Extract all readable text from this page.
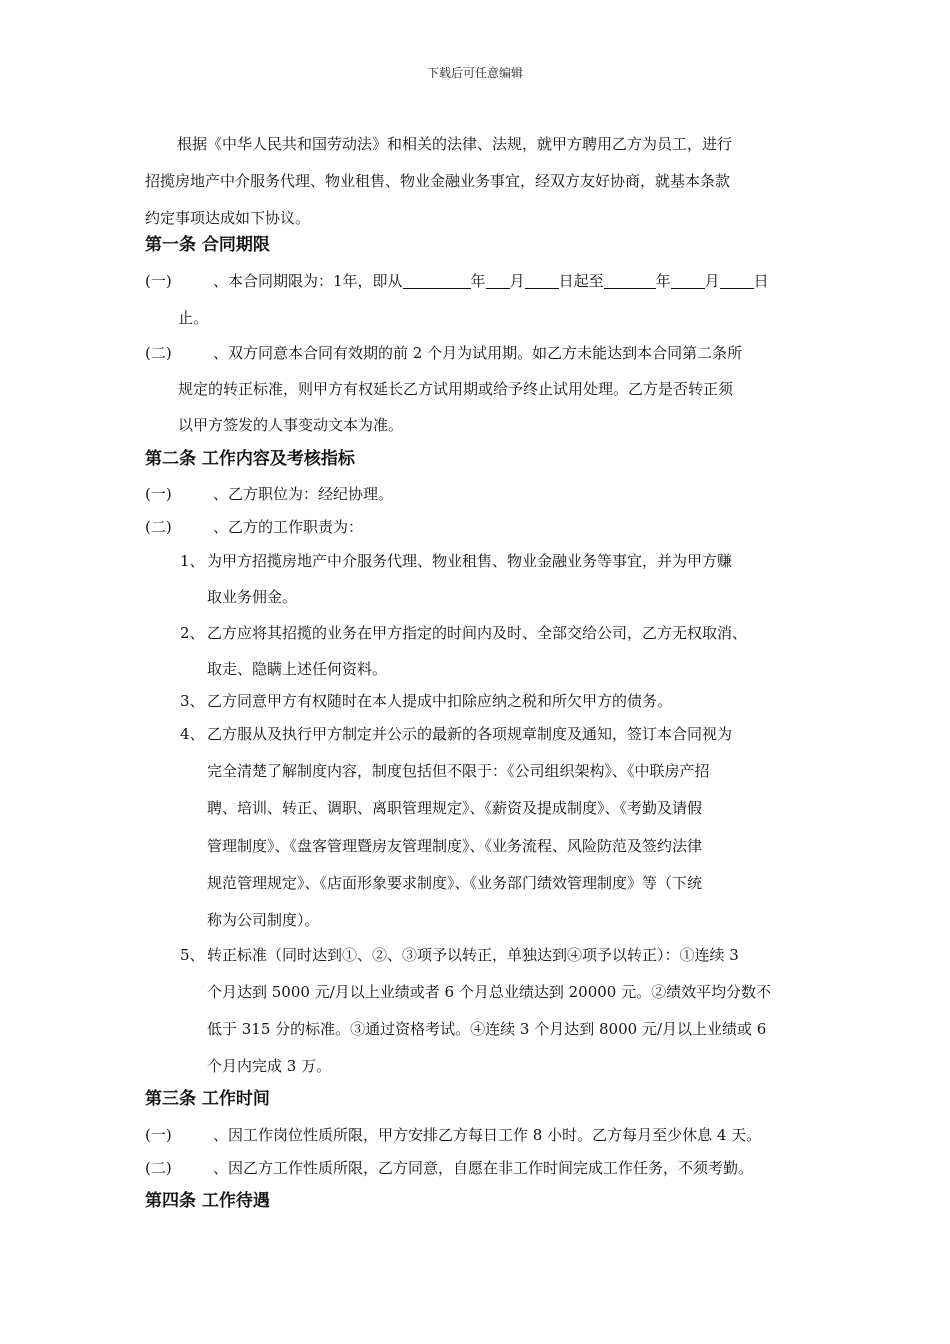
下载后可任意编辑
根据《中华人民共和国劳动法》和相关的法律、法规，就甲方聘用乙方为员工，进行
招揽房地产中介服务代理、物业租售、物业金融业务事宜，经双方友好协商，就基本条款
约定事项达成如下协议。
第一条 合同期限
(一)	、本合同期限为：1年，即从	年 月 日起至	年 月 日
止。
(二)	、双方同意本合同有效期的前 2 个月为试用期。如乙方未能达到本合同第二条所
规定的转正标准，则甲方有权延长乙方试用期或给予终止试用处理。乙方是否转正须
以甲方签发的人事变动文本为准。
第二条 工作内容及考核指标
(一)	、乙方职位为：经纪协理。
(二)	、乙方的工作职责为：
1、 为甲方招揽房地产中介服务代理、物业租售、物业金融业务等事宜，并为甲方赚
取业务佣金。
2、 乙方应将其招揽的业务在甲方指定的时间内及时、全部交给公司，乙方无权取消、
取走、隐瞒上述任何资料。
3、 乙方同意甲方有权随时在本人提成中扣除应纳之税和所欠甲方的债务。
4、 乙方服从及执行甲方制定并公示的最新的各项规章制度及通知，签订本合同视为
完全清楚了解制度内容，制度包括但不限于：《公司组织架构》、《中联房产招
聘、培训、转正、调职、离职管理规定》、《薪资及提成制度》、《考勤及请假
管理制度》、《盘客管理暨房友管理制度》、《业务流程、风险防范及签约法律
规范管理规定》、《店面形象要求制度》、《业务部门绩效管理制度》等（下统
称为公司制度）。
5、 转正标准（同时达到①、②、③项予以转正，单独达到④项予以转正）：①连续 3
个月达到 5000 元/月以上业绩或者 6 个月总业绩达到 20000 元。②绩效平均分数不
低于 315 分的标准。③通过资格考试。④连续 3 个月达到 8000 元/月以上业绩或 6
个月内完成 3 万。
第三条 工作时间
(一)	、因工作岗位性质所限，甲方安排乙方每日工作 8 小时。乙方每月至少休息 4 天。
(二)	、因乙方工作性质所限，乙方同意，自愿在非工作时间完成工作任务，不须考勤。
第四条 工作待遇
